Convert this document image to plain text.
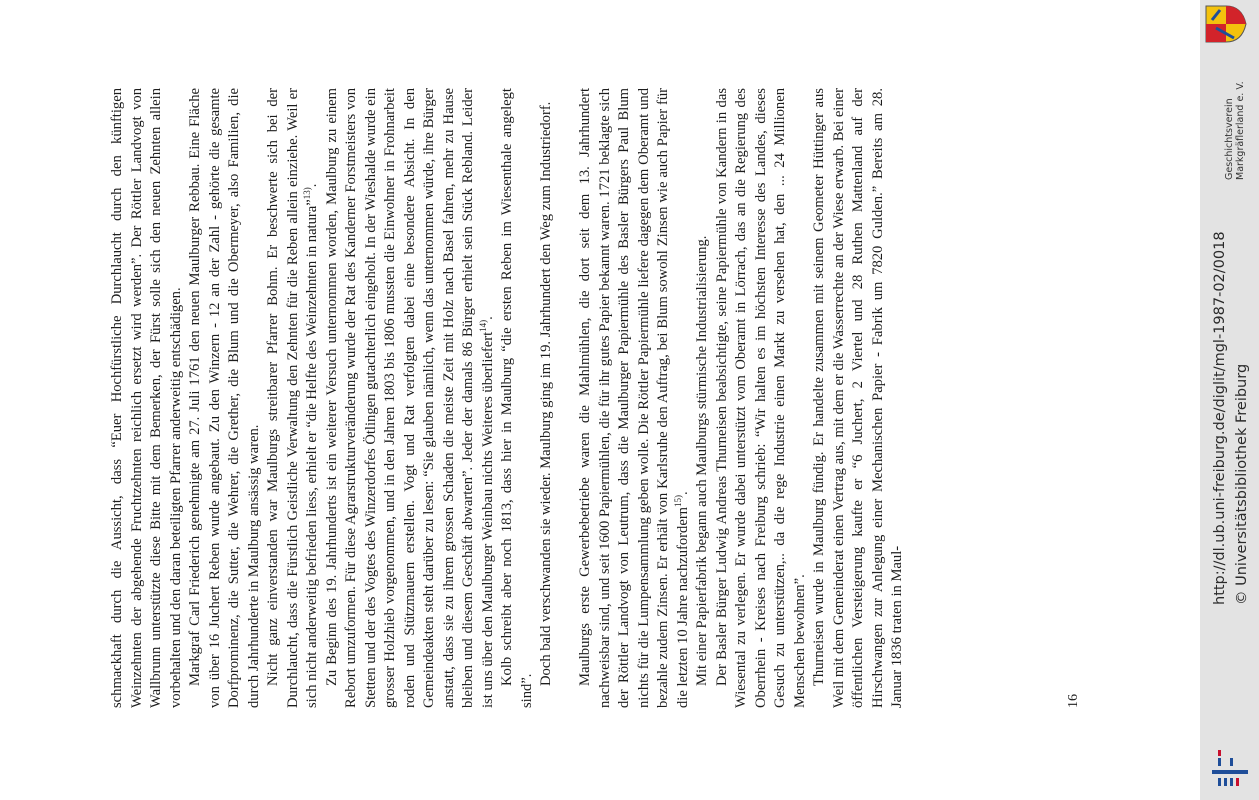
schmackhaft durch die Aussicht, dass “Euer Hochfürstliche Durchlaucht durch den künftigen Weinzehnten der abgehende Fruchtzehnten reichlich ersetzt wird werden”. Der Röttler Landvogt von Wallbrunn unterstützte diese Bitte mit dem Bemerken, der Fürst solle sich den neuen Zehnten allein vorbehalten und den daran beteiligten Pfarrer anderweitig entschädigen. Markgraf Carl Friederich genehmigte am 27. Juli 1761 den neuen Maulburger Rebbau. Eine Fläche von über 16 Juchert Reben wurde angebaut. Zu den Winzern - 12 an der Zahl - gehörte die gesamte Dorfprominenz, die Sutter, die Wehrer, die Grether, die Blum und die Obermeyer, also Familien, die durch Jahrhunderte in Maulburg ansässig waren. Nicht ganz einverstanden war Maulburgs streitbarer Pfarrer Bohm. Er beschwerte sich bei der Durchlaucht, dass die Fürstlich Geistliche Verwaltung den Zehnten für die Reben allein einziehe. Weil er sich nicht anderweitig befrieden liess, erhielt er “die Helfte des Weinzehnten in natura”$^{13)}$. Zu Beginn des 19. Jahrhunderts ist ein weiterer Versuch unternommen worden, Maulburg zu einem Rebort umzuformen. Für diese Agrarstrukturveränderung wurde der Rat des Kanderner Forstmeisters von Stetten und der des Vogtes des Winzerdorfes Ötlingen gutachterlich eingeholt. In der Wieshalde wurde ein grosser Holzhieb vorgenommen, und in den Jahren 1803 bis 1806 mussten die Einwohner in Frohnarbeit roden und Stützmauern erstellen. Vogt und Rat verfolgten dabei eine besondere Absicht. In den Gemeindeakten steht darüber zu lesen: “Sie glauben nämlich, wenn das unternommen würde, ihre Bürger anstatt, dass sie zu ihrem grossen Schaden die meiste Zeit mit Holz nach Basel fahren, mehr zu Hause bleiben und diesem Geschäft abwarten”. Jeder der damals 86 Bürger erhielt sein Stück Rebland. Leider ist uns über den Maulburger Weinbau nichts Weiteres überliefert$^{14)}$. Kolb schreibt aber noch 1813, dass hier in Maulburg “die ersten Reben im Wiesenthale angelegt sind”.

Doch bald verschwanden sie wieder. Maulburg ging im 19. Jahrhundert den Weg zum Industriedorf. Maulburgs erste Gewerbebetriebe waren die Mahlmühlen, die dort seit dem 13. Jahrhundert nachweisbar sind, und seit 1600 Papiermühlen, die für ihr gutes Papier bekannt waren. 1721 beklagte sich der Röttler Landvogt von Leutrum, dass die Maulburger Papiermühle des Basler Bürgers Paul Blum nichts für die Lumpensammlung geben wolle. Die Röttler Papiermühle liefere dagegen dem Oberamt und bezahle zudem Zinsen. Er erhält von Karlsruhe den Auftrag, bei Blum sowohl Zinsen wie auch Papier für die letzten 10 Jahre nachzufordern$^{15)}$. Mit einer Papierfabrik begann auch Maulburgs stürmische Industrialisierung. Der Basler Bürger Ludwig Andreas Thurneisen beabsichtigte, seine Papiermühle von Kandern in das Wiesental zu verlegen. Er wurde dabei unterstützt vom Oberamt in Lörrach, das an die Regierung des Oberrhein - Kreises nach Freiburg schrieb: “Wir halten es im höchsten Interesse des Landes, dieses Gesuch zu unterstützen,.. da die rege Industrie einen Markt zu versehen hat, den ... 24 Millionen Menschen bewohnen”. Thurneisen wurde in Maulburg fündig. Er handelte zusammen mit seinem Geometer Hüttinger aus Weil mit dem Gemeinderat einen Vertrag aus, mit dem er die Wasserrechte an der Wiese erwarb. Bei einer öffentlichen Versteigerung kaufte er “6 Juchert, 2 Viertel und 28 Ruthen Mattenland auf der Hirschwangen zur Anlegung einer Mechanischen Papier - Fabrik um 7820 Gulden.” Bereits am 28. Januar 1836 traten in Maul-	16
http://dl.ub.uni-freiburg.de/diglit/mgl-1987-02/0018 © Universitätsbibliothek Freiburg
Geschichtsverein Markgräflerland e. V.
